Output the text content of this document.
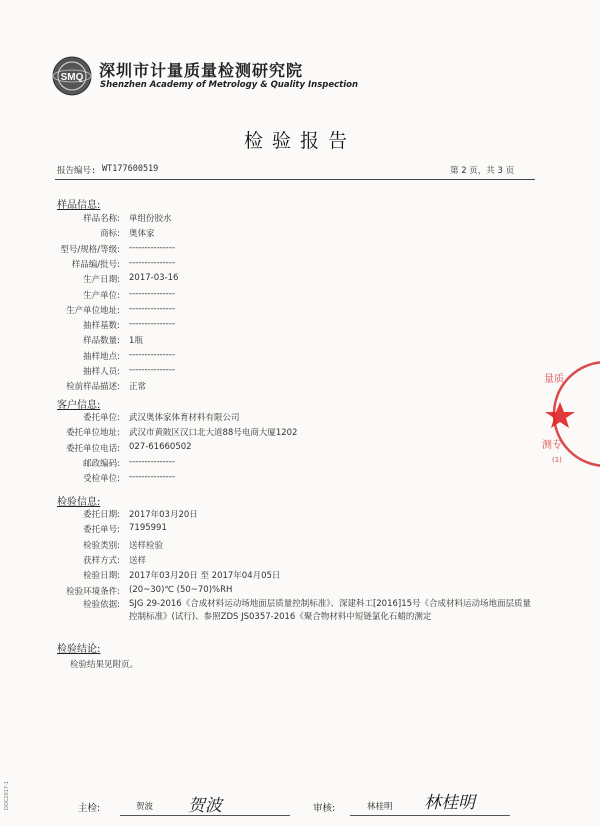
SMQ 深圳市计量质量检测研究院
Shenzhen Academy of Metrology & Quality Inspection
检验报告
报告编号: WT177600519	第 2 页，共 3 页
样品信息:
样品名称: 单组份胶水
商标: 奥体家
型号/规格/等级: ---------------
样品编/批号: ---------------
生产日期: 2017-03-16
生产单位: ---------------
生产单位地址: ---------------
抽样基数: ---------------
样品数量: 1瓶
抽样地点: ---------------
抽样人员: ---------------
检前样品描述: 正常
客户信息:
委托单位: 武汉奥体家体育材料有限公司
委托单位地址: 武汉市黄陂区汉口北大道88号电商大厦1202
委托单位电话: 027-61660502
邮政编码: ---------------
受检单位: ---------------
检验信息:
委托日期: 2017年03月20日
委托单号: 7195991
检验类别: 送样检验
获样方式: 送样
检验日期: 2017年03月20日 至 2017年04月05日
检验环境条件: (20~30)℃ (50~70)%RH
检验依据: SJG 29-2016《合成材料运动场地面层质量控制标准》、深建科工[2016]15号《合成材料运动场地面层质量控制标准》(试行)、参照ZDS JS0357-2016《聚合物材料中短链氯化石蜡的测定
检验结论:
检验结果见附页。
主检:	贺波 贺波	审核:	林桂明 林桂明
量质
测专
(1)
DOC2017-1
